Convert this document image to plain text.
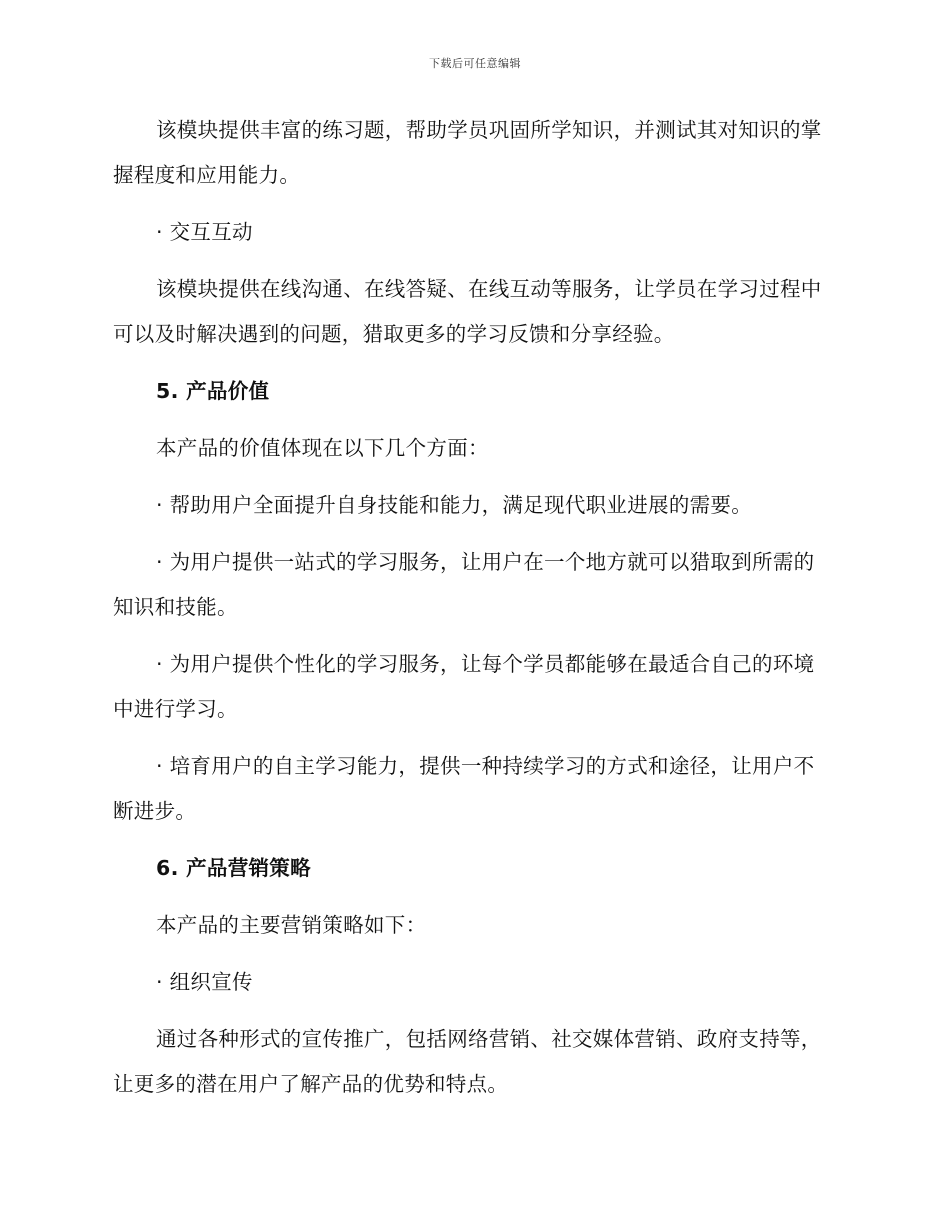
下载后可任意编辑

该模块提供丰富的练习题，帮助学员巩固所学知识，并测试其对知识的掌握程度和应用能力。

· 交互互动

该模块提供在线沟通、在线答疑、在线互动等服务，让学员在学习过程中可以及时解决遇到的问题，猎取更多的学习反馈和分享经验。

5. 产品价值

本产品的价值体现在以下几个方面：

· 帮助用户全面提升自身技能和能力，满足现代职业进展的需要。

· 为用户提供一站式的学习服务，让用户在一个地方就可以猎取到所需的知识和技能。

· 为用户提供个性化的学习服务，让每个学员都能够在最适合自己的环境中进行学习。

· 培育用户的自主学习能力，提供一种持续学习的方式和途径，让用户不断进步。

6. 产品营销策略

本产品的主要营销策略如下：

· 组织宣传

通过各种形式的宣传推广，包括网络营销、社交媒体营销、政府支持等，让更多的潜在用户了解产品的优势和特点。
